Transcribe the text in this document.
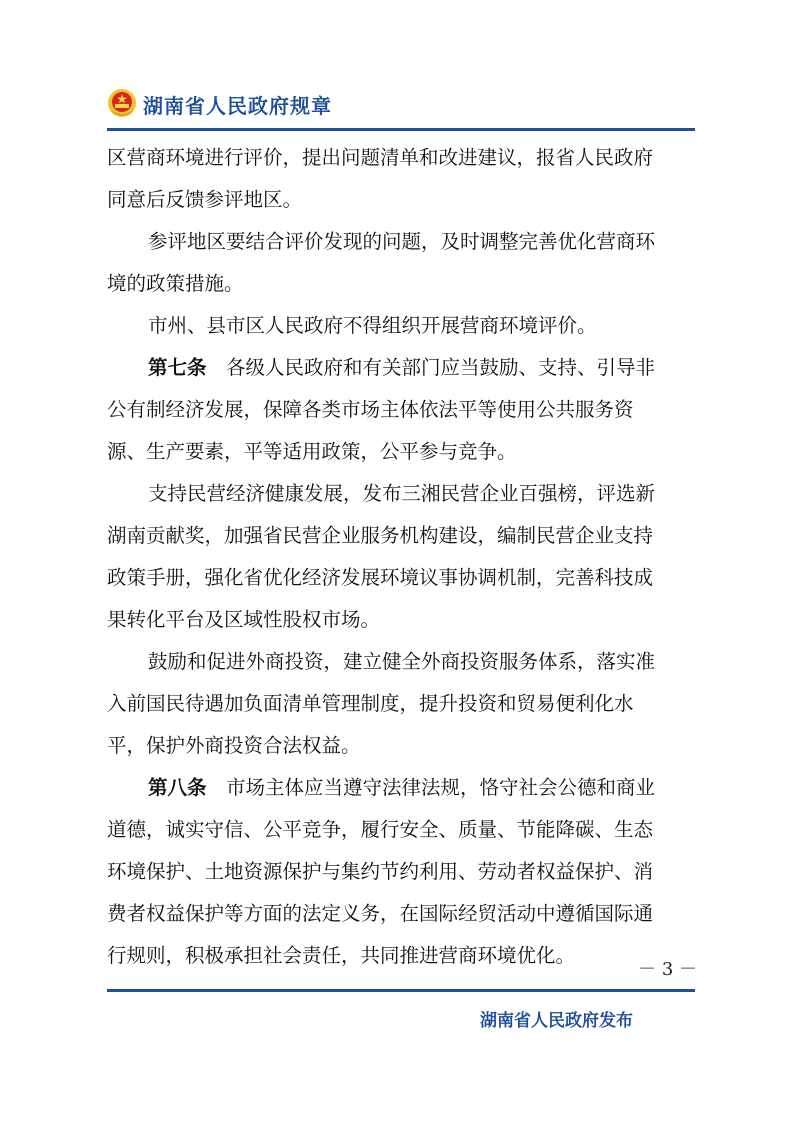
湖南省人民政府规章

区营商环境进行评价，提出问题清单和改进建议，报省人民政府
同意后反馈参评地区。

参评地区要结合评价发现的问题，及时调整完善优化营商环
境的政策措施。

市州、县市区人民政府不得组织开展营商环境评价。

第七条  各级人民政府和有关部门应当鼓励、支持、引导非
公有制经济发展，保障各类市场主体依法平等使用公共服务资
源、生产要素，平等适用政策，公平参与竞争。

支持民营经济健康发展，发布三湘民营企业百强榜，评选新
湖南贡献奖，加强省民营企业服务机构建设，编制民营企业支持
政策手册，强化省优化经济发展环境议事协调机制，完善科技成
果转化平台及区域性股权市场。

鼓励和促进外商投资，建立健全外商投资服务体系，落实准
入前国民待遇加负面清单管理制度，提升投资和贸易便利化水
平，保护外商投资合法权益。

第八条  市场主体应当遵守法律法规，恪守社会公德和商业
道德，诚实守信、公平竞争，履行安全、质量、节能降碳、生态
环境保护、土地资源保护与集约节约利用、劳动者权益保护、消
费者权益保护等方面的法定义务，在国际经贸活动中遵循国际通
行规则，积极承担社会责任，共同推进营商环境优化。

－ 3 －
湖南省人民政府发布
